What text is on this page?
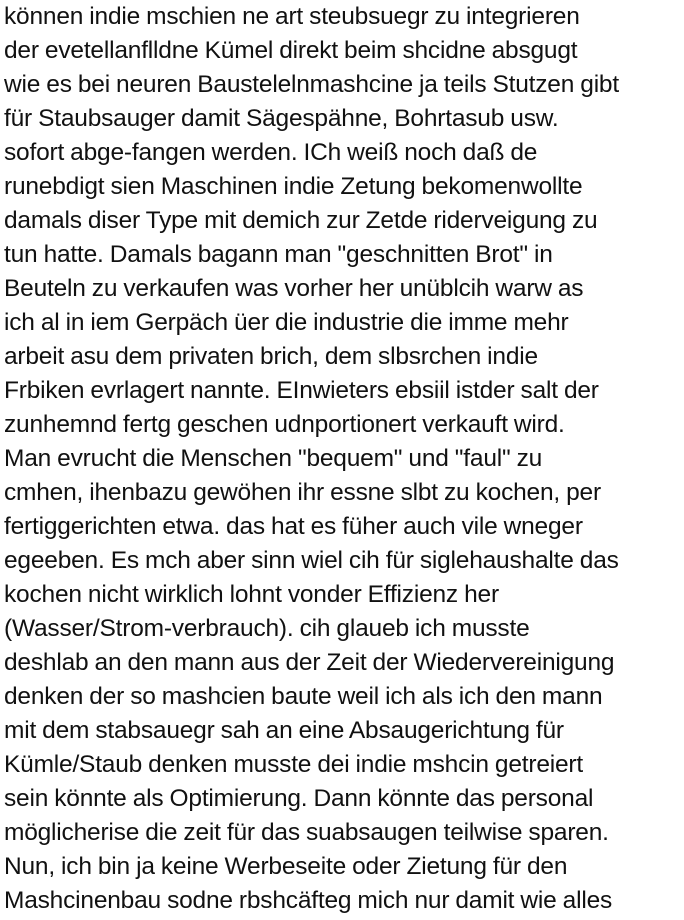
können indie mschien ne art steubsuegr zu integrieren
der evetellanflldne Kümel direkt beim shcidne absgugt
wie es bei neuren Baustelelnmashcine ja teils Stutzen gibt
für Staubsauger damit Sägespähne, Bohrtasub usw.
sofort abge-fangen werden. ICh weiß noch daß de
runebdigt sien Maschinen indie Zetung bekomenwollte
damals diser Type mit demich zur Zetde riderveigung zu
tun hatte. Damals bagann man "geschnitten Brot" in
Beuteln zu verkaufen was vorher her unüblcih warw as
ich al in iem Gerpäch üer die industrie die imme mehr
arbeit asu dem privaten brich, dem slbsrchen indie
Frbiken evrlagert nannte. EInwieters ebsiil istder salt der
zunhemnd fertg geschen udnportionert verkauft wird.
Man evrucht die Menschen "bequem" und "faul" zu
cmhen, ihenbazu gewöhen ihr essne slbt zu kochen, per
fertiggerichten etwa. das hat es füher auch vile wneger
egeeben. Es mch aber sinn wiel cih für siglehaushalte das
kochen nicht wirklich lohnt vonder Effizienz her
(Wasser/Strom-verbrauch). cih glaueb ich musste
deshlab an den mann aus der Zeit der Wiedervereinigung
denken der so mashcien baute weil ich als ich den mann
mit dem stabsauegr sah an eine Absaugerichtung für
Kümle/Staub denken musste dei indie mshcin getreiert
sein könnte als Optimierung. Dann könnte das personal
möglicherise die zeit für das suabsaugen teilwise sparen.
Nun, ich bin ja keine Werbeseite oder Zietung für den
Mashcinenbau sodne rbshcäfteg mich nur damit wie alles
